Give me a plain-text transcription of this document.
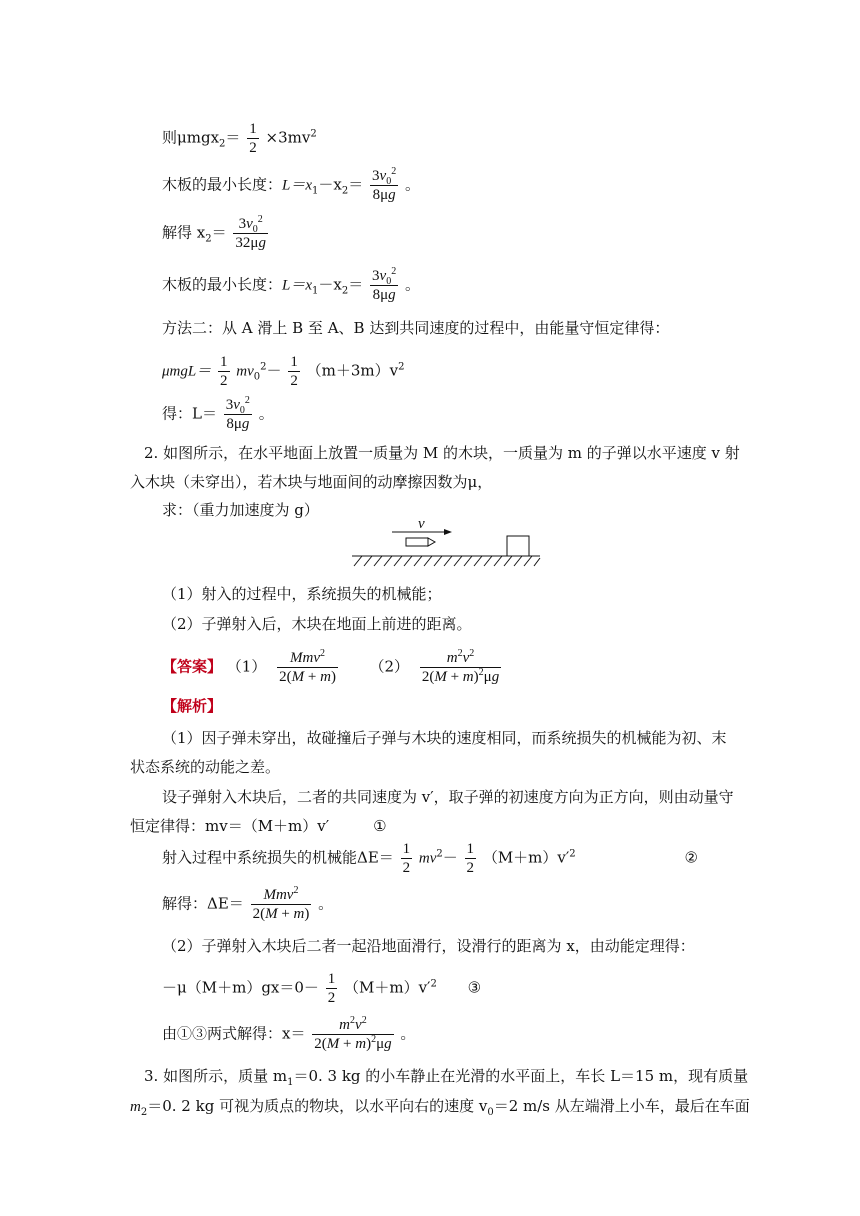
则$\mu mgx_2= \frac{1}{2} \times 3mv^2$
木板的最小长度：$L=x_1-x_2= \frac{3v_0^2}{8\mu g}$ 。
解得 $x_2= \frac{3v_0^2}{32\mu g}$
木板的最小长度：$L=x_1-x_2= \frac{3v_0^2}{8\mu g}$ 。
方法二：从 A 滑上 B 至 A、B 达到共同速度的过程中，由能量守恒定律得：
$\mu mgL= \frac{1}{2} mv_0^2- \frac{1}{2} (m+3m)v^2$
得：$L= \frac{3v_0^2}{8\mu g}$ 。
2. 如图所示，在水平地面上放置一质量为 M 的木块，一质量为 m 的子弹以水平速度 v 射
入木块（未穿出），若木块与地面间的动摩擦因数为μ，
求：（重力加速度为 g）
v
（1）射入的过程中，系统损失的机械能；
（2）子弹射入后，木块在地面上前进的距离。
【答案】 $(1) \frac{Mmv^2}{2(M + m)} (2) \frac{m^2v^2}{2(M + m)^2\mu g}$
【解析】
（1）因子弹未穿出，故碰撞后子弹与木块的速度相同，而系统损失的机械能为初、末
状态系统的动能之差。
设子弹射入木块后，二者的共同速度为 v′，取子弹的初速度方向为正方向，则由动量守
恒定律得：mv＝（M＋m）v′	①
射入过程中系统损失的机械能$\Delta E= \frac{1}{2} mv^2- \frac{1}{2} (M+m)v'^2$	②
解得：$\Delta E= \frac{Mmv^2}{2(M + m)}$ 。
（2）子弹射入木块后二者一起沿地面滑行，设滑行的距离为 x，由动能定理得：
$-\mu(M+m)gx=0- \frac{1}{2} (M+m)v'^2$ ③
由①③两式解得：$x= \frac{m^2v^2}{2(M + m)^2\mu g}$ 。
3. 如图所示，质量 $m_1=0$. 3 kg 的小车静止在光滑的水平面上，车长 L＝15 m，现有质量
$m_2=0$. 2 kg 可视为质点的物块，以水平向右的速度 $v_0=2$ m/s 从左端滑上小车，最后在车面
